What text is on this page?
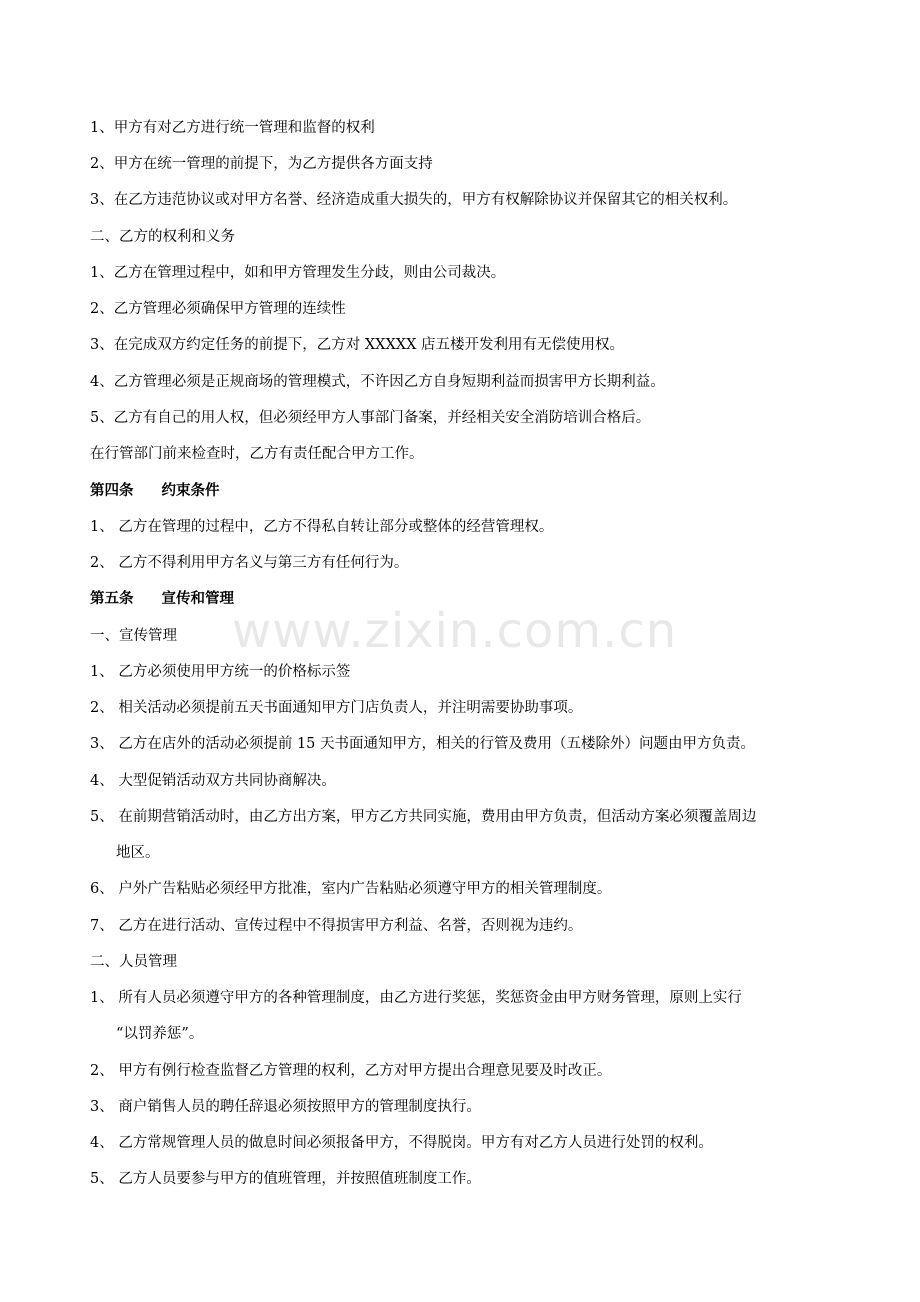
1、甲方有对乙方进行统一管理和监督的权利
2、甲方在统一管理的前提下，为乙方提供各方面支持
3、在乙方违范协议或对甲方名誉、经济造成重大损失的，甲方有权解除协议并保留其它的相关权利。
二、乙方的权利和义务
1、乙方在管理过程中，如和甲方管理发生分歧，则由公司裁决。
2、乙方管理必须确保甲方管理的连续性
3、在完成双方约定任务的前提下，乙方对 XXXXX 店五楼开发利用有无偿使用权。
4、乙方管理必须是正规商场的管理模式，不许因乙方自身短期利益而损害甲方长期利益。
5、乙方有自己的用人权，但必须经甲方人事部门备案，并经相关安全消防培训合格后。
在行管部门前来检查时，乙方有责任配合甲方工作。
第四条 约束条件
1、 乙方在管理的过程中，乙方不得私自转让部分或整体的经营管理权。
2、 乙方不得利用甲方名义与第三方有任何行为。
第五条 宣传和管理
一、宣传管理
1、 乙方必须使用甲方统一的价格标示签
2、 相关活动必须提前五天书面通知甲方门店负责人，并注明需要协助事项。
3、 乙方在店外的活动必须提前 15 天书面通知甲方，相关的行管及费用（五楼除外）问题由甲方负责。
4、 大型促销活动双方共同协商解决。
5、 在前期营销活动时，由乙方出方案，甲方乙方共同实施，费用由甲方负责，但活动方案必须覆盖周边
地区。
6、 户外广告粘贴必须经甲方批准，室内广告粘贴必须遵守甲方的相关管理制度。
7、 乙方在进行活动、宣传过程中不得损害甲方利益、名誉，否则视为违约。
二、人员管理
1、 所有人员必须遵守甲方的各种管理制度，由乙方进行奖惩，奖惩资金由甲方财务管理，原则上实行
“以罚养惩”。
2、 甲方有例行检查监督乙方管理的权利，乙方对甲方提出合理意见要及时改正。
3、 商户销售人员的聘任辞退必须按照甲方的管理制度执行。
4、 乙方常规管理人员的做息时间必须报备甲方，不得脱岗。甲方有对乙方人员进行处罚的权利。
5、 乙方人员要参与甲方的值班管理，并按照值班制度工作。
www.zixin.com.cn
